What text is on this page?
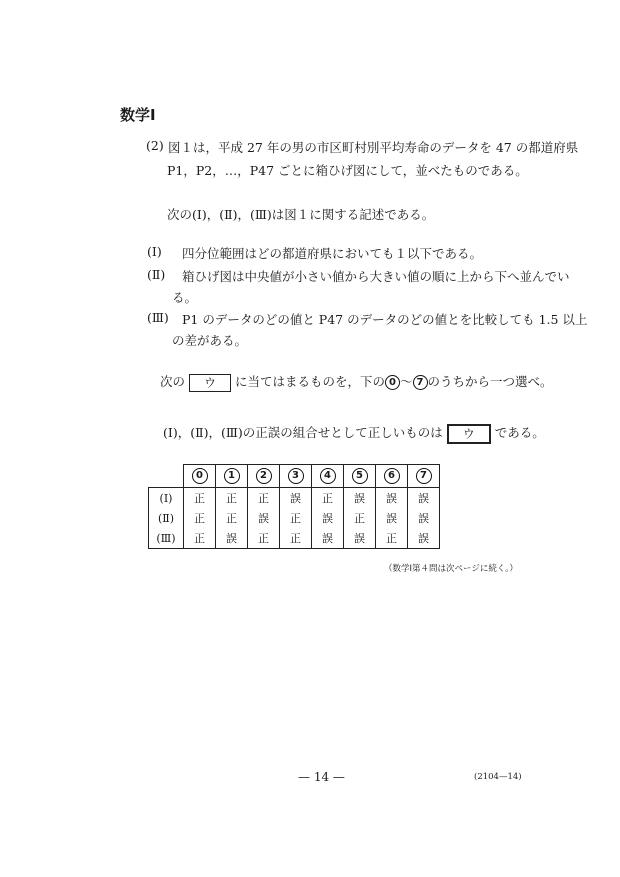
数学Ⅰ
(2) 図１は，平成 27 年の男の市区町村別平均寿命のデータを 47 の都道府県
P1，P2，…，P47 ごとに箱ひげ図にして，並べたものである。
次の(Ⅰ)，(Ⅱ)，(Ⅲ)は図１に関する記述である。
(Ⅰ) 四分位範囲はどの都道府県においても１以下である。
(Ⅱ) 箱ひげ図は中央値が小さい値から大きい値の順に上から下へ並んでい
る。
(Ⅲ) P1 のデータのどの値と P47 のデータのどの値とを比較しても 1.5 以上
の差がある。
次の ウ に当てはまるものを，下の 0 ～ 7 のうちから一つ選べ。
(Ⅰ)，(Ⅱ)，(Ⅲ)の正誤の組合せとして正しいものは ウ である。
	0	1	2	3	4	5	6	7
(Ⅰ)	正	正	正	誤	正	誤	誤	誤
(Ⅱ)	正	正	誤	正	誤	正	誤	誤
(Ⅲ)	正	誤	正	正	誤	誤	正	誤
（数学Ⅰ第４問は次ページに続く。）
— 14 —	(2104—14)
